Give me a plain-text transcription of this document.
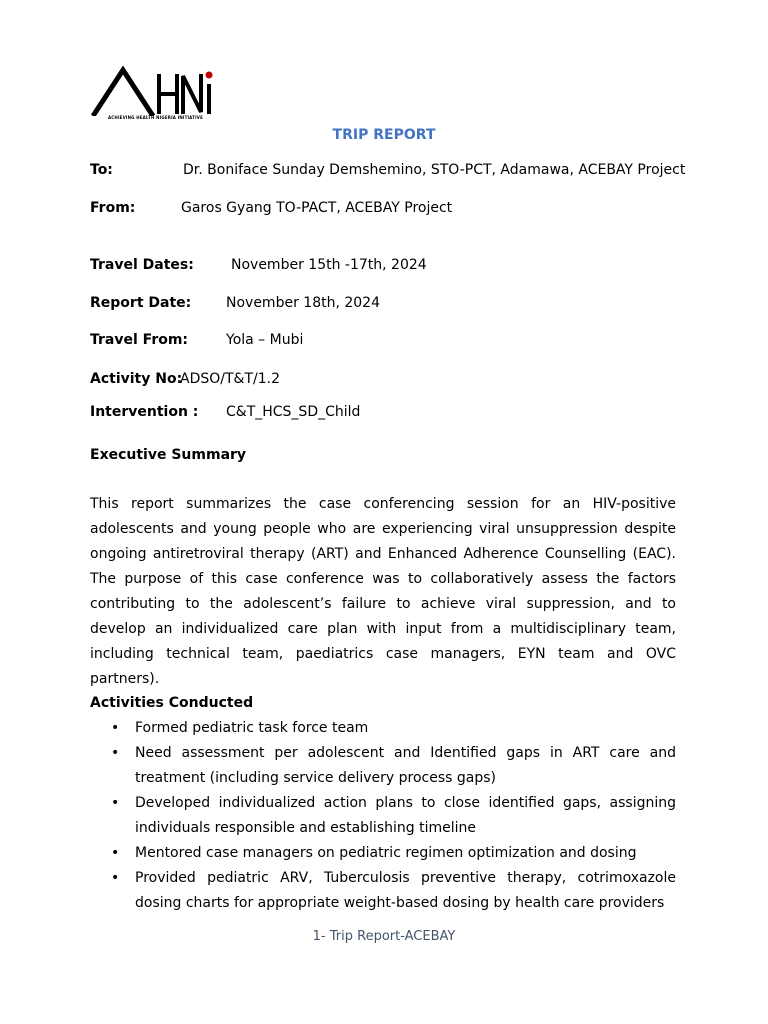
ACHIEVING HEALTH NIGERIA INITIATIVE
TRIP REPORT
To:	Dr. Boniface Sunday Demshemino, STO-PCT, Adamawa, ACEBAY Project
From:	Garos Gyang TO-PACT, ACEBAY Project
Travel Dates:	November 15th -17th, 2024
Report Date: November 18th, 2024
Travel From:	Yola – Mubi
Activity No:
ADSO/T&T/1.2
Intervention : C&T_HCS_SD_Child
Executive Summary

This report summarizes the case conferencing session for an HIV-positive adolescents and young people who are experiencing viral unsuppression despite ongoing antiretroviral therapy (ART) and Enhanced Adherence Counselling (EAC). The purpose of this case conference was to collaboratively assess the factors contributing to the adolescent’s failure to achieve viral suppression, and to develop an individualized care plan with input from a multidisciplinary team, including technical team, paediatrics case managers, EYN team and OVC partners).

Activities Conducted
• Formed pediatric task force team
• Need assessment per adolescent and Identified gaps in ART care and treatment (including service delivery process gaps)
• Developed individualized action plans to close identified gaps, assigning individuals responsible and establishing timeline
• Mentored case managers on pediatric regimen optimization and dosing
• Provided pediatric ARV, Tuberculosis preventive therapy, cotrimoxazole dosing charts for appropriate weight-based dosing by health care providers
1- Trip Report-ACEBAY
